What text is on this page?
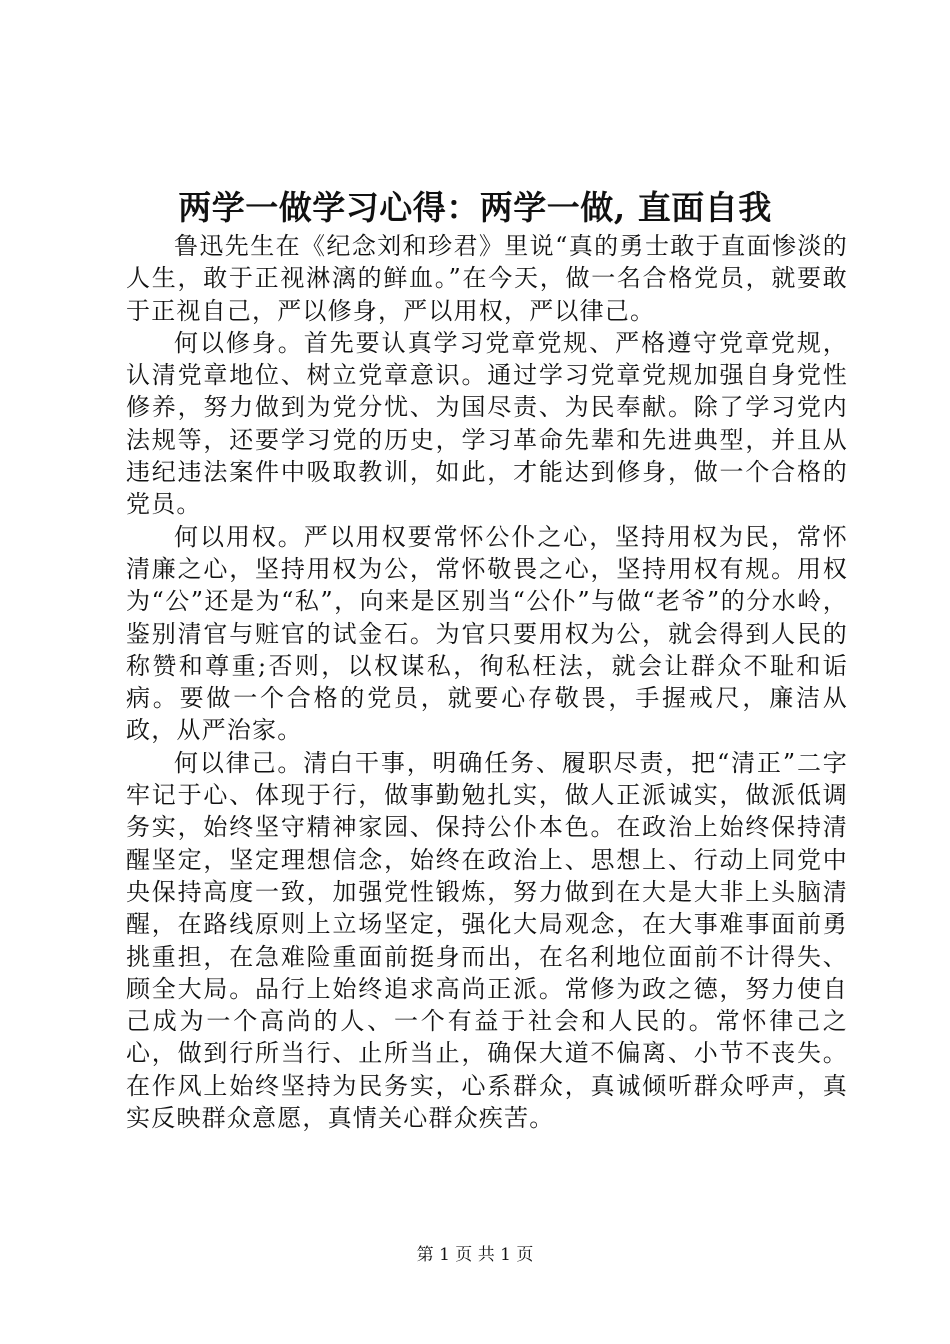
两学一做学习心得：两学一做, 直面自我

鲁迅先生在《纪念刘和珍君》里说“真的勇士敢于直面惨淡的人生，敢于正视淋漓的鲜血。”在今天，做一名合格党员，就要敢于正视自己，严以修身，严以用权，严以律己。

何以修身。首先要认真学习党章党规、严格遵守党章党规，认清党章地位、树立党章意识。通过学习党章党规加强自身党性修养，努力做到为党分忧、为国尽责、为民奉献。除了学习党内法规等，还要学习党的历史，学习革命先辈和先进典型，并且从违纪违法案件中吸取教训，如此，才能达到修身，做一个合格的党员。

何以用权。严以用权要常怀公仆之心，坚持用权为民，常怀清廉之心，坚持用权为公，常怀敬畏之心，坚持用权有规。用权为“公”还是为“私”，向来是区别当“公仆”与做“老爷”的分水岭，鉴别清官与赃官的试金石。为官只要用权为公，就会得到人民的称赞和尊重;否则，以权谋私，徇私枉法，就会让群众不耻和诟病。要做一个合格的党员，就要心存敬畏，手握戒尺，廉洁从政，从严治家。

何以律己。清白干事，明确任务、履职尽责，把“清正”二字牢记于心、体现于行，做事勤勉扎实，做人正派诚实，做派低调务实，始终坚守精神家园、保持公仆本色。在政治上始终保持清醒坚定，坚定理想信念，始终在政治上、思想上、行动上同党中央保持高度一致，加强党性锻炼，努力做到在大是大非上头脑清醒，在路线原则上立场坚定，强化大局观念，在大事难事面前勇挑重担，在急难险重面前挺身而出，在名利地位面前不计得失、顾全大局。品行上始终追求高尚正派。常修为政之德，努力使自己成为一个高尚的人、一个有益于社会和人民的。常怀律己之心，做到行所当行、止所当止，确保大道不偏离、小节不丧失。在作风上始终坚持为民务实，心系群众，真诚倾听群众呼声，真实反映群众意愿，真情关心群众疾苦。

第 1 页 共 1 页
